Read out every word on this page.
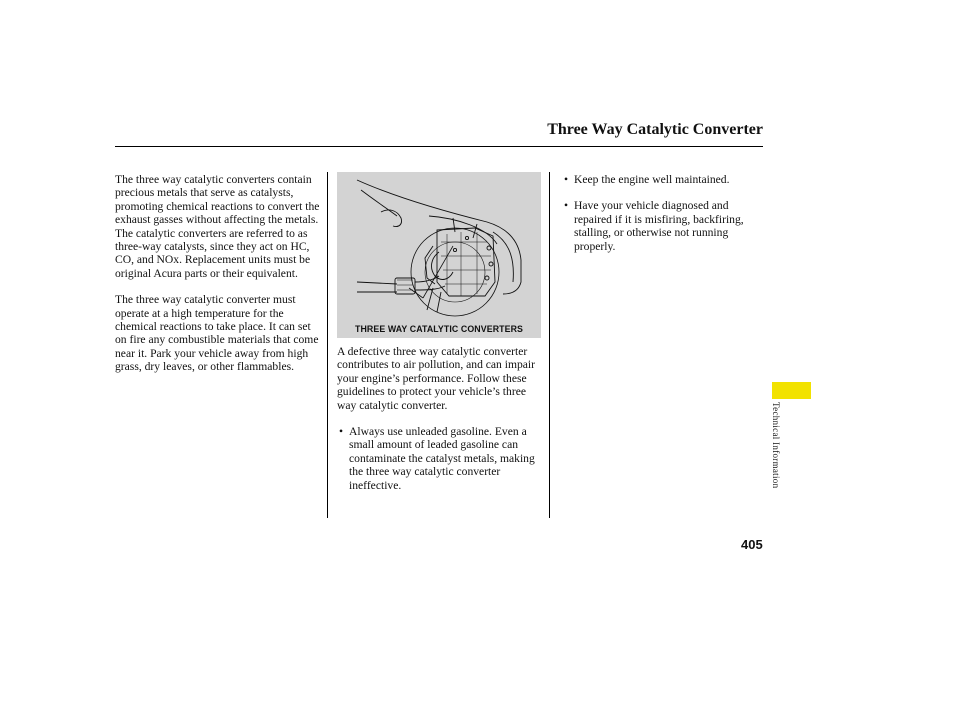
Three Way Catalytic Converter

The three way catalytic converters contain precious metals that serve as catalysts, promoting chemical reactions to convert the exhaust gasses without affecting the metals. The catalytic converters are referred to as three-way catalysts, since they act on HC, CO, and NOx. Replacement units must be original Acura parts or their equivalent.

The three way catalytic converter must operate at a high temperature for the chemical reactions to take place. It can set on fire any combustible materials that come near it. Park your vehicle away from high grass, dry leaves, or other flammables.

THREE WAY CATALYTIC CONVERTERS

A defective three way catalytic converter contributes to air pollution, and can impair your engine’s performance. Follow these guidelines to protect your vehicle’s three way catalytic converter.

• Always use unleaded gasoline. Even a small amount of leaded gasoline can contaminate the catalyst metals, making the three way catalytic converter ineffective.
• Keep the engine well maintained.
• Have your vehicle diagnosed and repaired if it is misfiring, backfiring, stalling, or otherwise not running properly.
Technical Information
405
